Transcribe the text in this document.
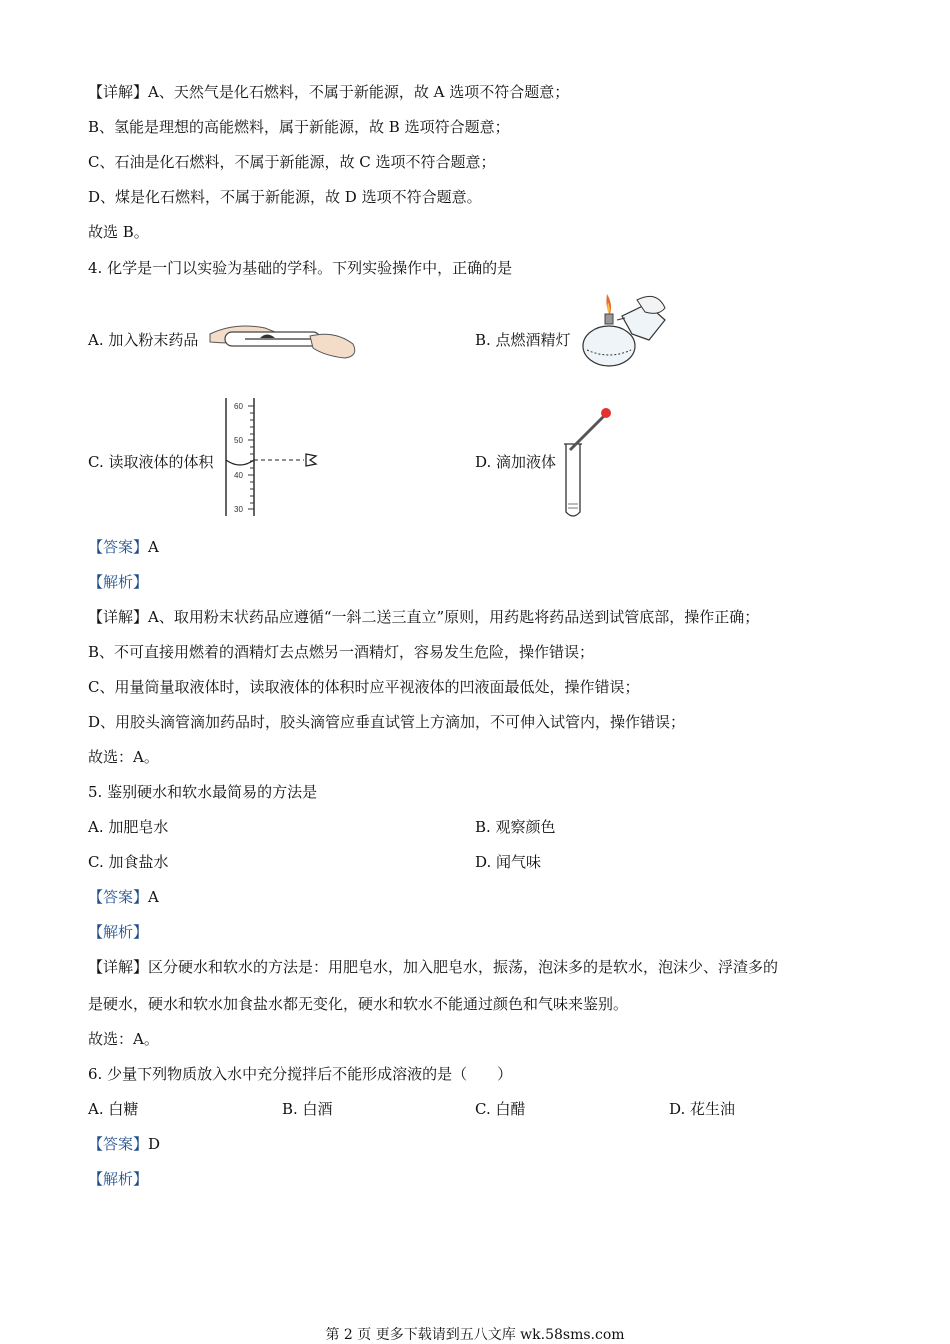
【详解】A、天然气是化石燃料，不属于新能源，故 A 选项不符合题意；
B、氢能是理想的高能燃料，属于新能源，故 B 选项符合题意；
C、石油是化石燃料，不属于新能源，故 C 选项不符合题意；
D、煤是化石燃料，不属于新能源，故 D 选项不符合题意。
故选 B。
4. 化学是一门以实验为基础的学科。下列实验操作中，正确的是
A. 加入粉末药品	B. 点燃酒精灯
C. 读取液体的体积
60
50
40
30
D. 滴加液体
【答案】A
【解析】
【详解】A、取用粉末状药品应遵循“一斜二送三直立”原则，用药匙将药品送到试管底部，操作正确；
B、不可直接用燃着的酒精灯去点燃另一酒精灯，容易发生危险，操作错误；
C、用量筒量取液体时，读取液体的体积时应平视液体的凹液面最低处，操作错误；
D、用胶头滴管滴加药品时，胶头滴管应垂直试管上方滴加，不可伸入试管内，操作错误；
故选：A。
5. 鉴别硬水和软水最简易的方法是
A. 加肥皂水	B. 观察颜色
C. 加食盐水	D. 闻气味
【答案】A
【解析】
【详解】区分硬水和软水的方法是：用肥皂水，加入肥皂水，振荡，泡沫多的是软水，泡沫少、浮渣多的
是硬水，硬水和软水加食盐水都无变化，硬水和软水不能通过颜色和气味来鉴别。
故选：A。
6. 少量下列物质放入水中充分搅拌后不能形成溶液的是（　　）
A. 白糖	B. 白酒	C. 白醋	D. 花生油
【答案】D
【解析】
第 2 页 更多下载请到五八文库 wk.58sms.com
